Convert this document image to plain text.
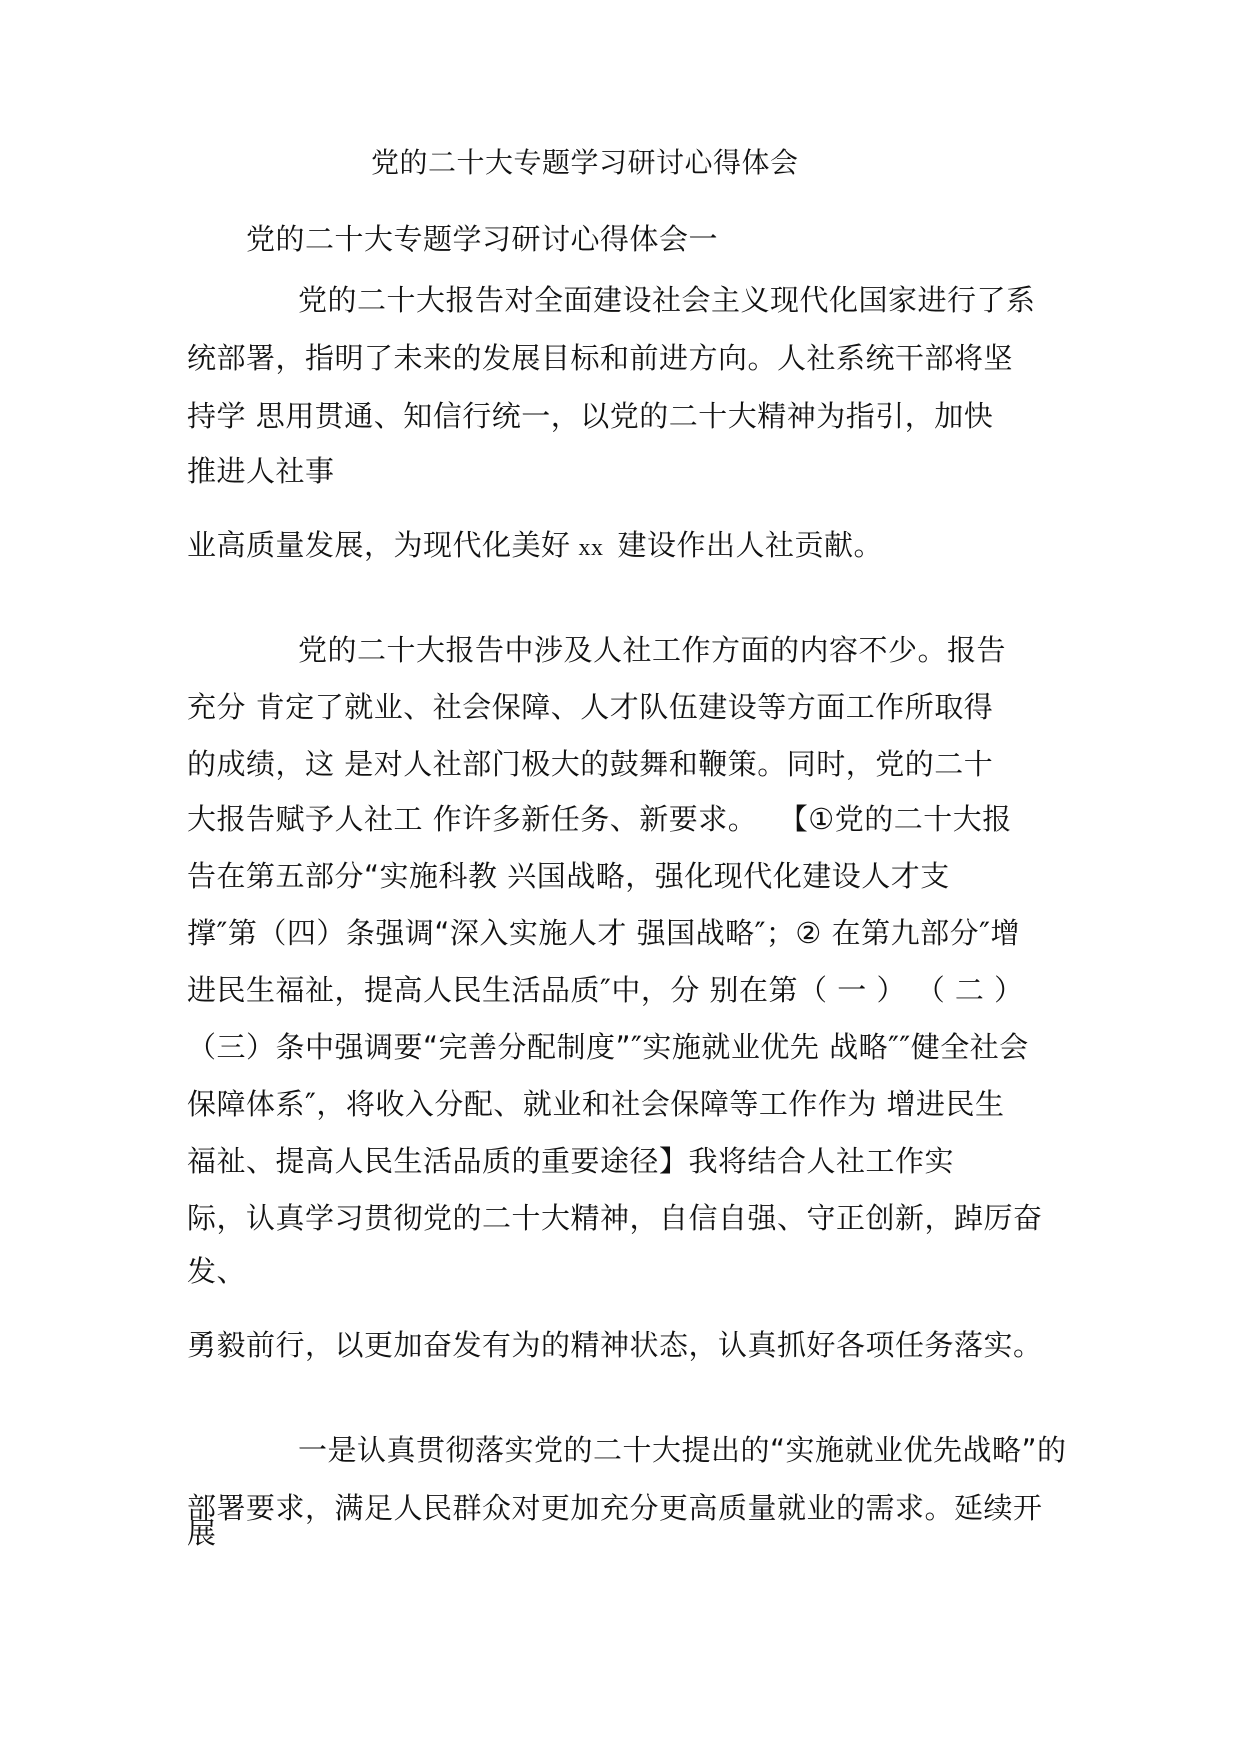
党的二十大专题学习研讨心得体会
党的二十大专题学习研讨心得体会一
党的二十大报告对全面建设社会主义现代化国家进行了系
统部署，指明了未来的发展目标和前进方向。人社系统干部将坚
持学 思用贯通、知信行统一，以党的二十大精神为指引，加快
推进人社事
业高质量发展，为现代化美好 xx 建设作出人社贡献。
党的二十大报告中涉及人社工作方面的内容不少。报告
充分 肯定了就业、社会保障、人才队伍建设等方面工作所取得
的成绩，这 是对人社部门极大的鼓舞和鞭策。同时，党的二十
大报告赋予人社工 作许多新任务、新要求。 【①党的二十大报
告在第五部分“实施科教 兴国战略，强化现代化建设人才支
撑″第（四）条强调“深入实施人才 强国战略″；② 在第九部分″增
进民生福祉，提高人民生活品质″中，分 别在第（ 一 ） （ 二 ）
（三）条中强调要“完善分配制度”″实施就业优先 战略″″健全社会
保障体系″，将收入分配、就业和社会保障等工作作为 增进民生
福祉、提高人民生活品质的重要途径】我将结合人社工作实
际，认真学习贯彻党的二十大精神，自信自强、守正创新，踔厉奋
发、
勇毅前行，以更加奋发有为的精神状态，认真抓好各项任务落实。
一是认真贯彻落实党的二十大提出的“实施就业优先战略”的
部署要求，满足人民群众对更加充分更高质量就业的需求。延续开
展
